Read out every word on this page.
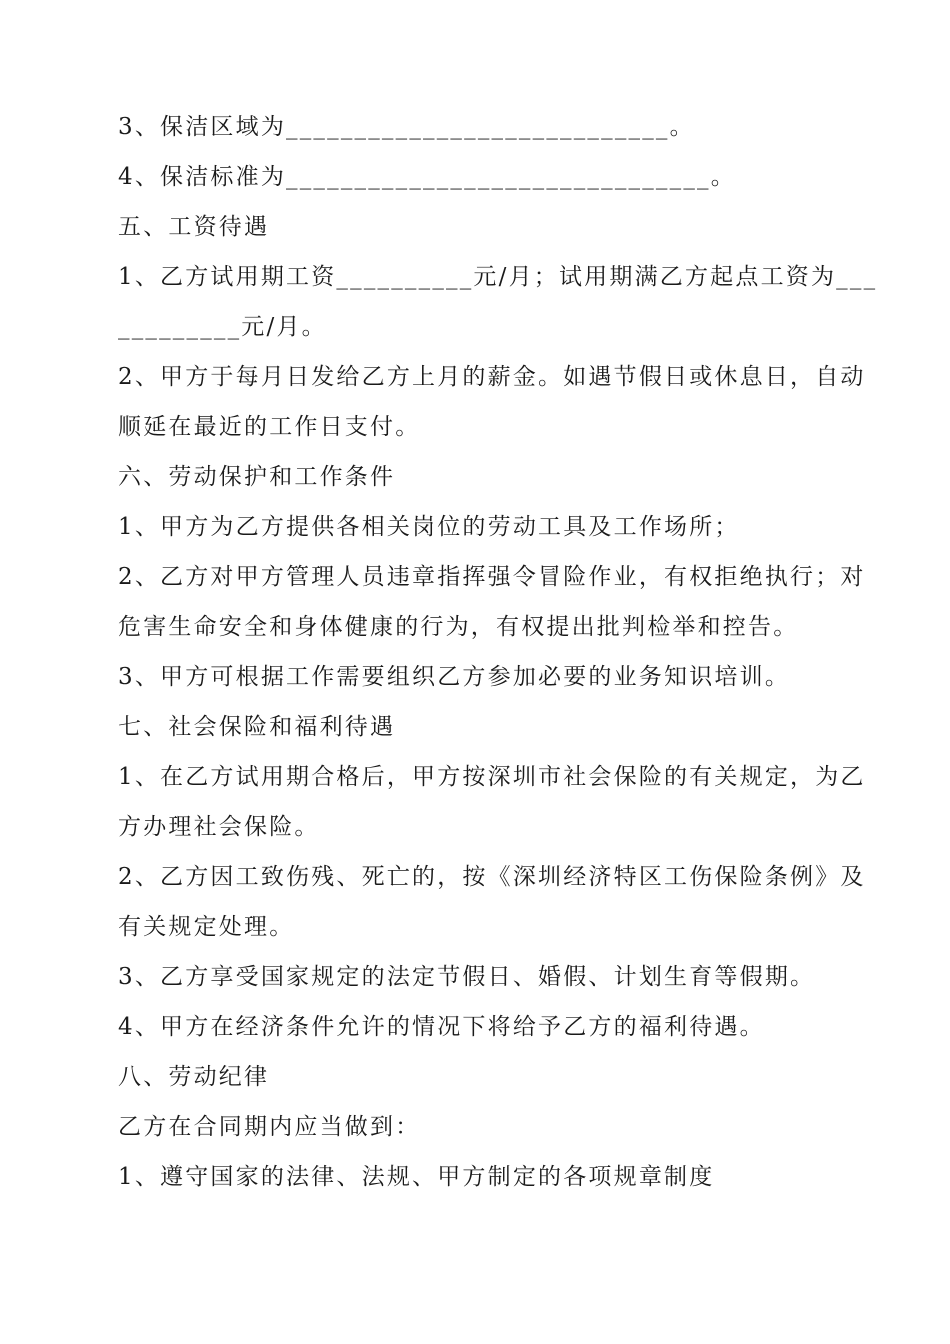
3、保洁区域为____________________________。
4、保洁标准为_______________________________。
五、工资待遇
1、乙方试用期工资__________元/月；试用期满乙方起点工资为___
_________元/月。
2、甲方于每月日发给乙方上月的薪金。如遇节假日或休息日，自动
顺延在最近的工作日支付。
六、劳动保护和工作条件
1、甲方为乙方提供各相关岗位的劳动工具及工作场所；
2、乙方对甲方管理人员违章指挥强令冒险作业，有权拒绝执行；对
危害生命安全和身体健康的行为，有权提出批判检举和控告。
3、甲方可根据工作需要组织乙方参加必要的业务知识培训。
七、社会保险和福利待遇
1、在乙方试用期合格后，甲方按深圳市社会保险的有关规定，为乙
方办理社会保险。
2、乙方因工致伤残、死亡的，按《深圳经济特区工伤保险条例》及
有关规定处理。
3、乙方享受国家规定的法定节假日、婚假、计划生育等假期。
4、甲方在经济条件允许的情况下将给予乙方的福利待遇。
八、劳动纪律
乙方在合同期内应当做到：
1、遵守国家的法律、法规、甲方制定的各项规章制度
